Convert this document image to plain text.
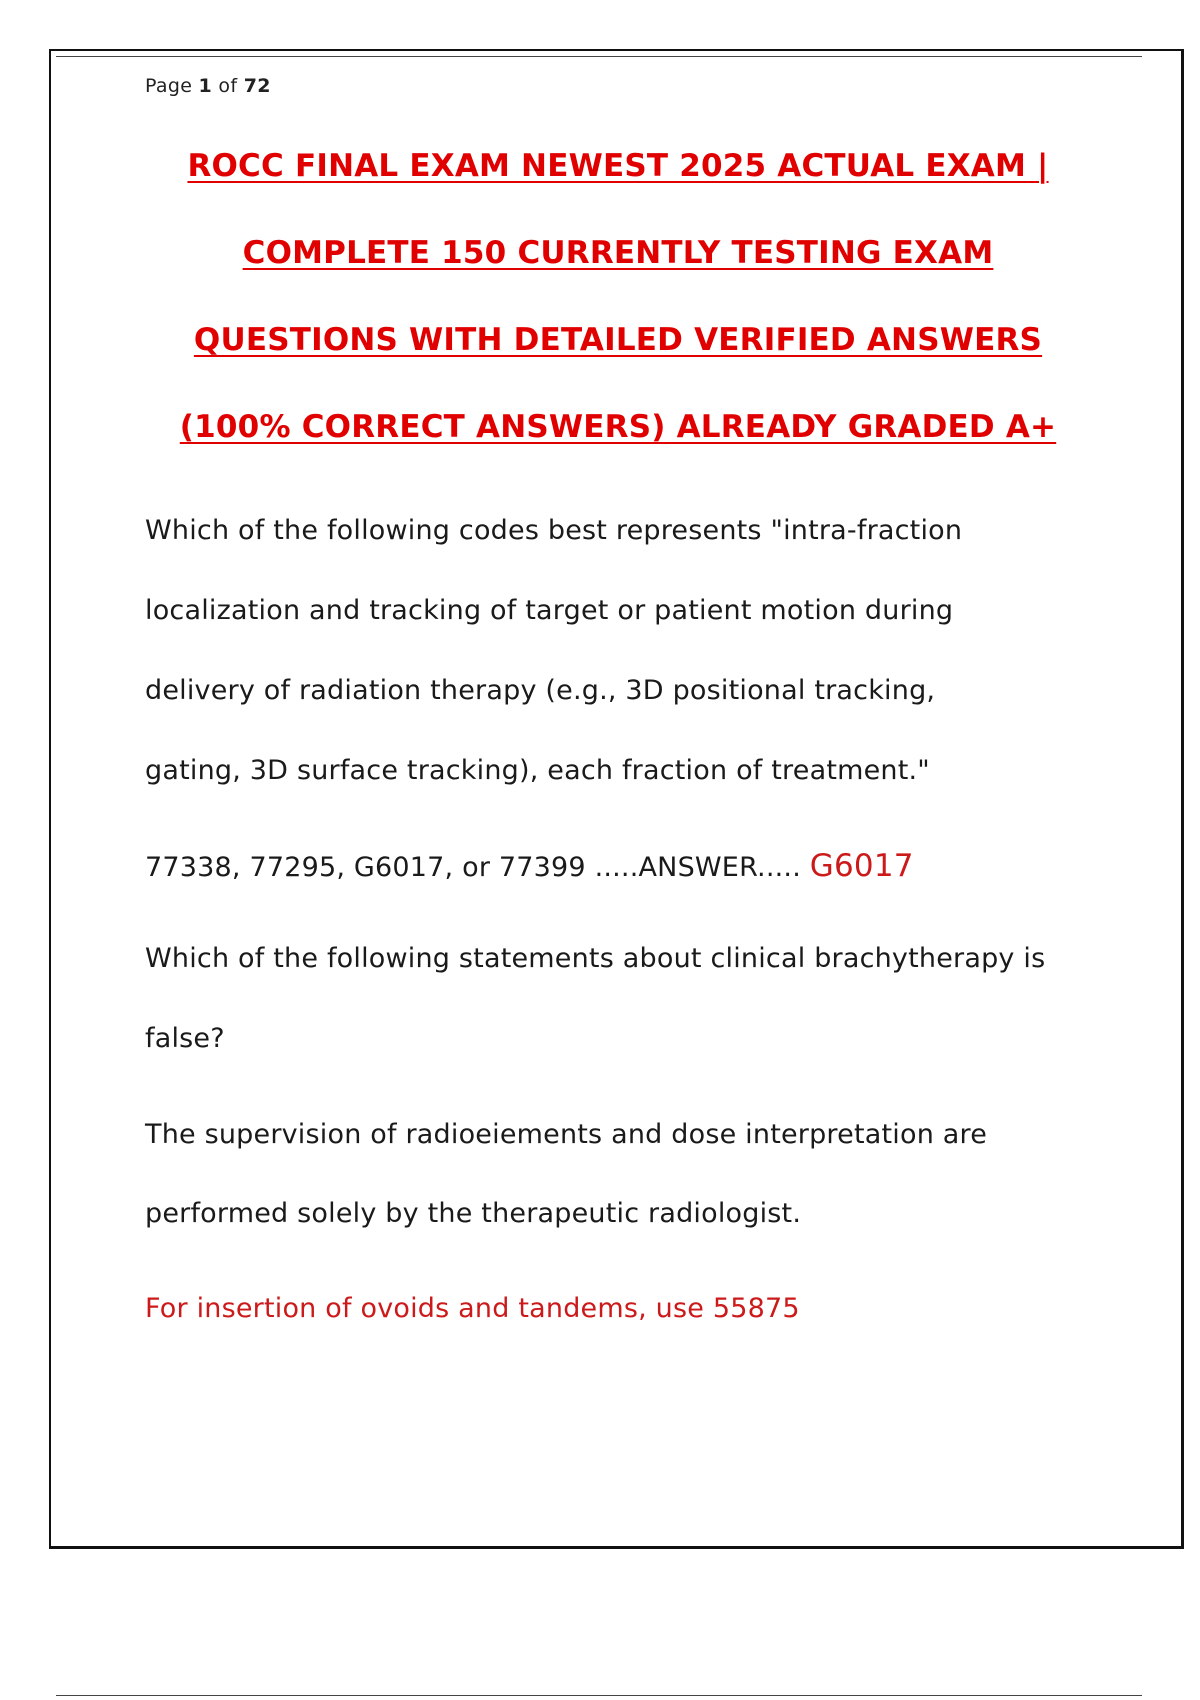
Page 1 of 72
ROCC FINAL EXAM NEWEST 2025 ACTUAL EXAM |
COMPLETE 150 CURRENTLY TESTING EXAM
QUESTIONS WITH DETAILED VERIFIED ANSWERS
(100% CORRECT ANSWERS) ALREADY GRADED A+
Which of the following codes best represents "intra-fraction
localization and tracking of target or patient motion during
delivery of radiation therapy (e.g., 3D positional tracking,
gating, 3D surface tracking), each fraction of treatment."
77338, 77295, G6017, or 77399 .....ANSWER..... G6017
Which of the following statements about clinical brachytherapy is
false?
The supervision of radioeiements and dose interpretation are
performed solely by the therapeutic radiologist.
For insertion of ovoids and tandems, use 55875
